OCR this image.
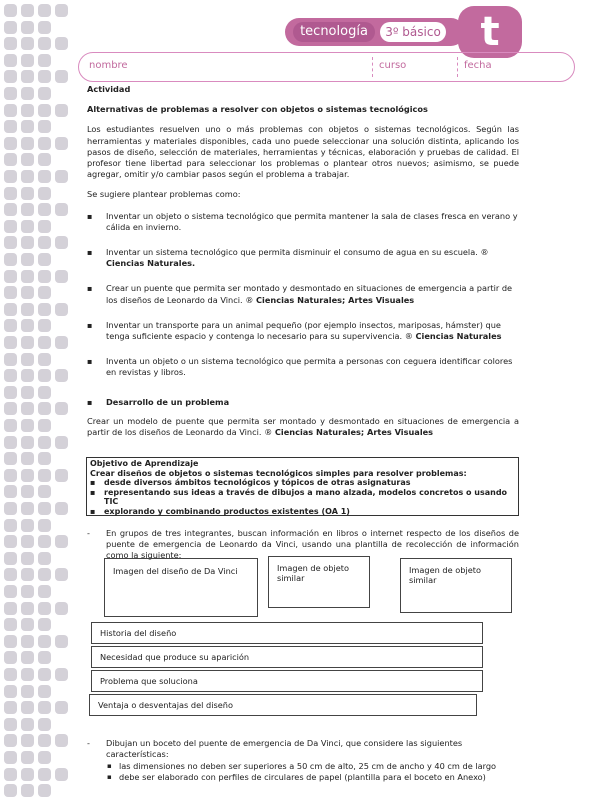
tecnología	3º básico t
nombre	curso	fecha

Actividad

Alternativas de problemas a resolver con objetos o sistemas tecnológicos

Los estudiantes resuelven uno o más problemas con objetos o sistemas tecnológicos. Según las herramientas y materiales disponibles, cada uno puede seleccionar una solución distinta, aplicando los pasos de diseño, selección de materiales, herramientas y técnicas, elaboración y pruebas de calidad. El profesor tiene libertad para seleccionar los problemas o plantear otros nuevos; asimismo, se puede agregar, omitir y/o cambiar pasos según el problema a trabajar.

Se sugiere plantear problemas como:

▪ Inventar un objeto o sistema tecnológico que permita mantener la sala de clases fresca en verano y cálida en invierno.
▪ Inventar un sistema tecnológico que permita disminuir el consumo de agua en su escuela. ® Ciencias Naturales.
▪ Crear un puente que permita ser montado y desmontado en situaciones de emergencia a partir de los diseños de Leonardo da Vinci. ® Ciencias Naturales; Artes Visuales
▪ Inventar un transporte para un animal pequeño (por ejemplo insectos, mariposas, hámster) que tenga suficiente espacio y contenga lo necesario para su supervivencia. ® Ciencias Naturales
▪ Inventa un objeto o un sistema tecnológico que permita a personas con ceguera identificar colores en revistas y libros.
▪ Desarrollo de un problema

Crear un modelo de puente que permita ser montado y desmontado en situaciones de emergencia a partir de los diseños de Leonardo da Vinci. ® Ciencias Naturales; Artes Visuales

Objetivo de Aprendizaje
Crear diseños de objetos o sistemas tecnológicos simples para resolver problemas:
▪ desde diversos ámbitos tecnológicos y tópicos de otras asignaturas
▪ representando sus ideas a través de dibujos a mano alzada, modelos concretos o usando TIC
▪ explorando y combinando productos existentes (OA 1)
- En grupos de tres integrantes, buscan información en libros o internet respecto de los diseños de puente de emergencia de Leonardo da Vinci, usando una plantilla de recolección de información como la siguiente:
Imagen del diseño de Da Vinci	Imagen de objeto similar
Imagen de objeto similar
Historia del diseño
Necesidad que produce su aparición
Problema que soluciona
Ventaja o desventajas del diseño
- Dibujan un boceto del puente de emergencia de Da Vinci, que considere las siguientes características:
▪ las dimensiones no deben ser superiores a 50 cm de alto, 25 cm de ancho y 40 cm de largo
▪ debe ser elaborado con perfiles de circulares de papel (plantilla para el boceto en Anexo)
